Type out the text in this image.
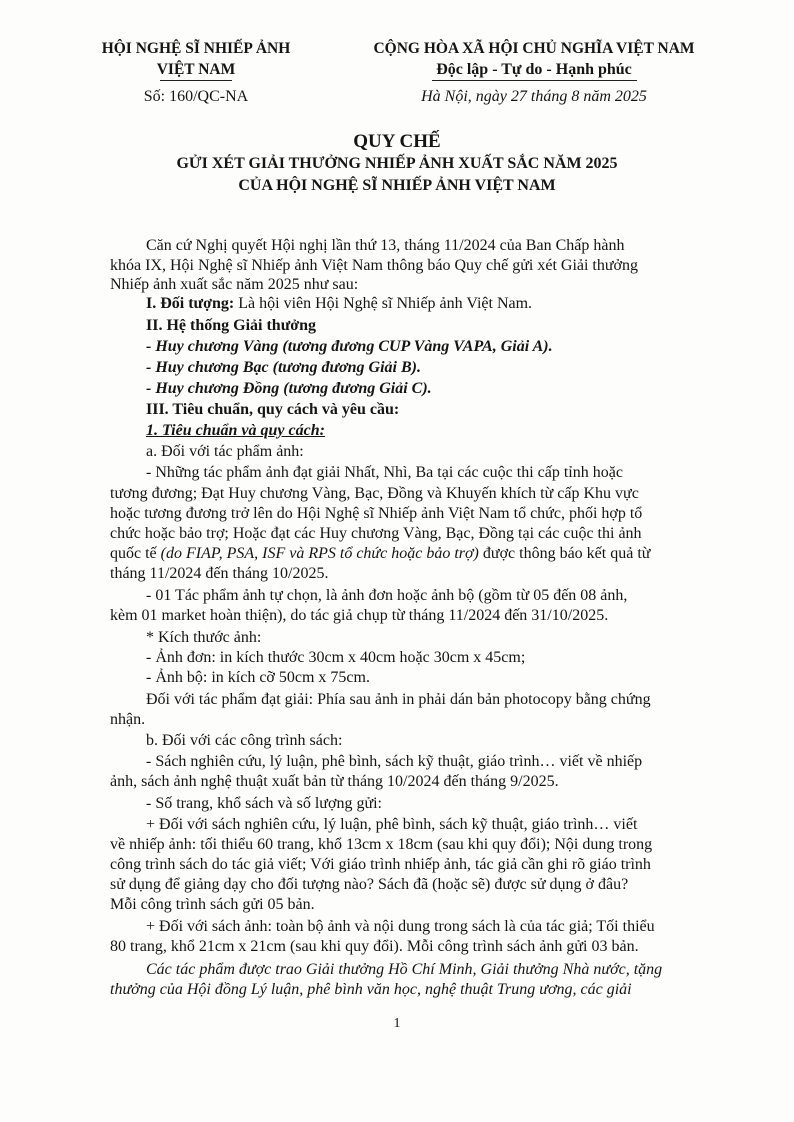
HỘI NGHỆ SĨ NHIẾP ẢNH
VIỆT NAM
Số: 160/QC-NA
CỘNG HÒA XÃ HỘI CHỦ NGHĨA VIỆT NAM
Độc lập - Tự do - Hạnh phúc
Hà Nội, ngày 27 tháng 8 năm 2025
QUY CHẾ
GỬI XÉT GIẢI THƯỞNG NHIẾP ẢNH XUẤT SẮC NĂM 2025
CỦA HỘI NGHỆ SĨ NHIẾP ẢNH VIỆT NAM
Căn cứ Nghị quyết Hội nghị lần thứ 13, tháng 11/2024 của Ban Chấp hành
khóa IX, Hội Nghệ sĩ Nhiếp ảnh Việt Nam thông báo Quy chế gửi xét Giải thưởng
Nhiếp ảnh xuất sắc năm 2025 như sau:
I. Đối tượng: Là hội viên Hội Nghệ sĩ Nhiếp ảnh Việt Nam.
II. Hệ thống Giải thưởng
- Huy chương Vàng (tương đương CUP Vàng VAPA, Giải A).
- Huy chương Bạc (tương đương Giải B).
- Huy chương Đồng (tương đương Giải C).
III. Tiêu chuẩn, quy cách và yêu cầu:
1. Tiêu chuẩn và quy cách:
a. Đối với tác phẩm ảnh:
- Những tác phẩm ảnh đạt giải Nhất, Nhì, Ba tại các cuộc thi cấp tỉnh hoặc
tương đương; Đạt Huy chương Vàng, Bạc, Đồng và Khuyến khích từ cấp Khu vực
hoặc tương đương trở lên do Hội Nghệ sĩ Nhiếp ảnh Việt Nam tổ chức, phối hợp tổ
chức hoặc bảo trợ; Hoặc đạt các Huy chương Vàng, Bạc, Đồng tại các cuộc thi ảnh
quốc tế (do FIAP, PSA, ISF và RPS tổ chức hoặc bảo trợ) được thông báo kết quả từ
tháng 11/2024 đến tháng 10/2025.
- 01 Tác phẩm ảnh tự chọn, là ảnh đơn hoặc ảnh bộ (gồm từ 05 đến 08 ảnh,
kèm 01 market hoàn thiện), do tác giả chụp từ tháng 11/2024 đến 31/10/2025.
* Kích thước ảnh:
- Ảnh đơn: in kích thước 30cm x 40cm hoặc 30cm x 45cm;
- Ảnh bộ: in kích cỡ 50cm x 75cm.
Đối với tác phẩm đạt giải: Phía sau ảnh in phải dán bản photocopy bằng chứng
nhận.
b. Đối với các công trình sách:
- Sách nghiên cứu, lý luận, phê bình, sách kỹ thuật, giáo trình… viết về nhiếp
ảnh, sách ảnh nghệ thuật xuất bản từ tháng 10/2024 đến tháng 9/2025.
- Số trang, khổ sách và số lượng gửi:
+ Đối với sách nghiên cứu, lý luận, phê bình, sách kỹ thuật, giáo trình… viết
về nhiếp ảnh: tối thiểu 60 trang, khổ 13cm x 18cm (sau khi quy đổi); Nội dung trong
công trình sách do tác giả viết; Với giáo trình nhiếp ảnh, tác giả cần ghi rõ giáo trình
sử dụng để giảng dạy cho đối tượng nào? Sách đã (hoặc sẽ) được sử dụng ở đâu?
Mỗi công trình sách gửi 05 bản.
+ Đối với sách ảnh: toàn bộ ảnh và nội dung trong sách là của tác giả; Tối thiểu
80 trang, khổ 21cm x 21cm (sau khi quy đổi). Mỗi công trình sách ảnh gửi 03 bản.
Các tác phẩm được trao Giải thưởng Hồ Chí Minh, Giải thưởng Nhà nước, tặng
thưởng của Hội đồng Lý luận, phê bình văn học, nghệ thuật Trung ương, các giải
1
